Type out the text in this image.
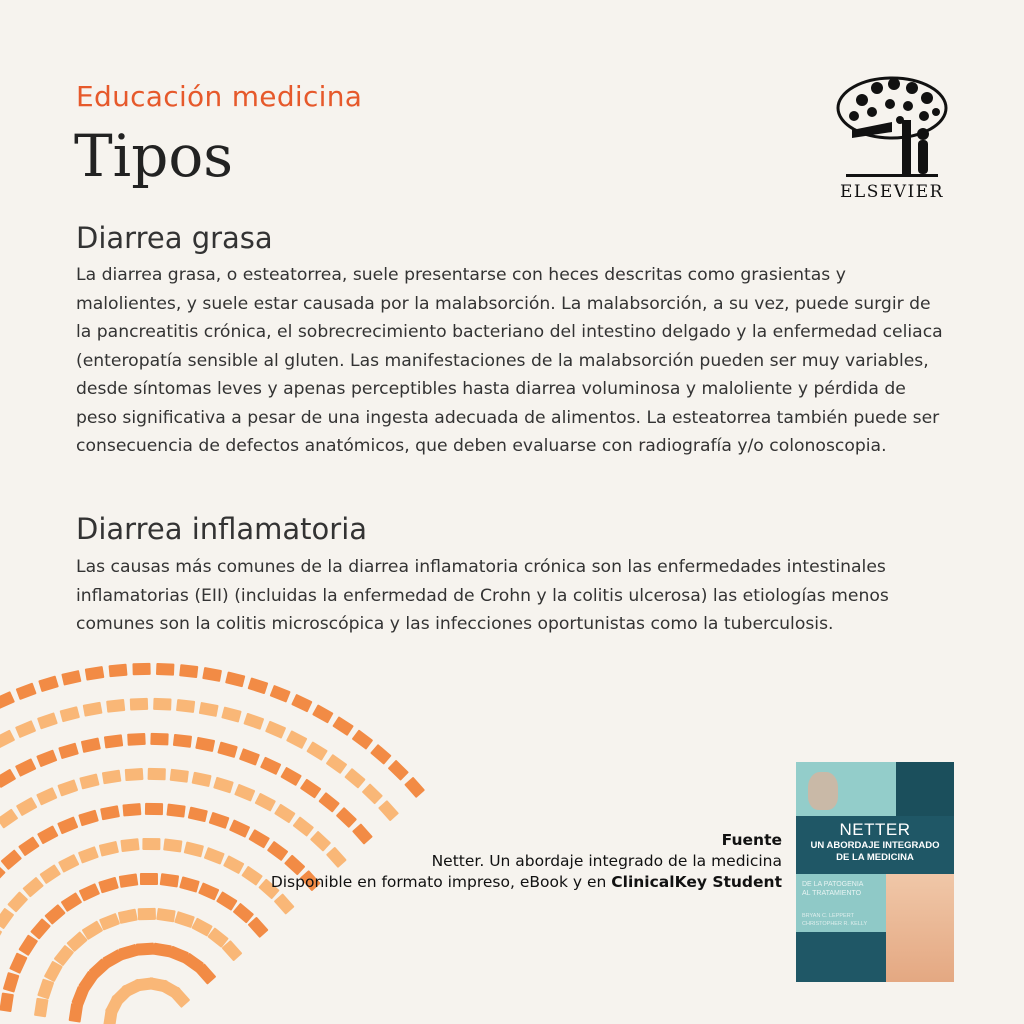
Educación medicina
Tipos
ELSEVIER
Diarrea grasa
La diarrea grasa, o esteatorrea, suele presentarse con heces descritas como grasientas y malolientes, y suele estar causada por la malabsorción. La malabsorción, a su vez, puede surgir de la pancreatitis crónica, el sobrecrecimiento bacteriano del intestino delgado y la enfermedad celiaca (enteropatía sensible al gluten. Las manifestaciones de la malabsorción pueden ser muy variables, desde síntomas leves y apenas perceptibles hasta diarrea voluminosa y maloliente y pérdida de peso significativa a pesar de una ingesta adecuada de alimentos. La esteatorrea también puede ser consecuencia de defectos anatómicos, que deben evaluarse con radiografía y/o colonoscopia.
Diarrea inflamatoria
Las causas más comunes de la diarrea inflamatoria crónica son las enfermedades intestinales inflamatorias (EII) (incluidas la enfermedad de Crohn y la colitis ulcerosa) las etiologías menos comunes son la colitis microscópica y las infecciones oportunistas como la tuberculosis.
Fuente
Netter. Un abordaje integrado de la medicina
Disponible en formato impreso, eBook y en ClinicalKey Student
NETTER
UN ABORDAJE INTEGRADO
DE LA MEDICINA
DE LA PATOGENIA
AL TRATAMIENTO
BRYAN C. LEPPERT
CHRISTOPHER R. KELLY
